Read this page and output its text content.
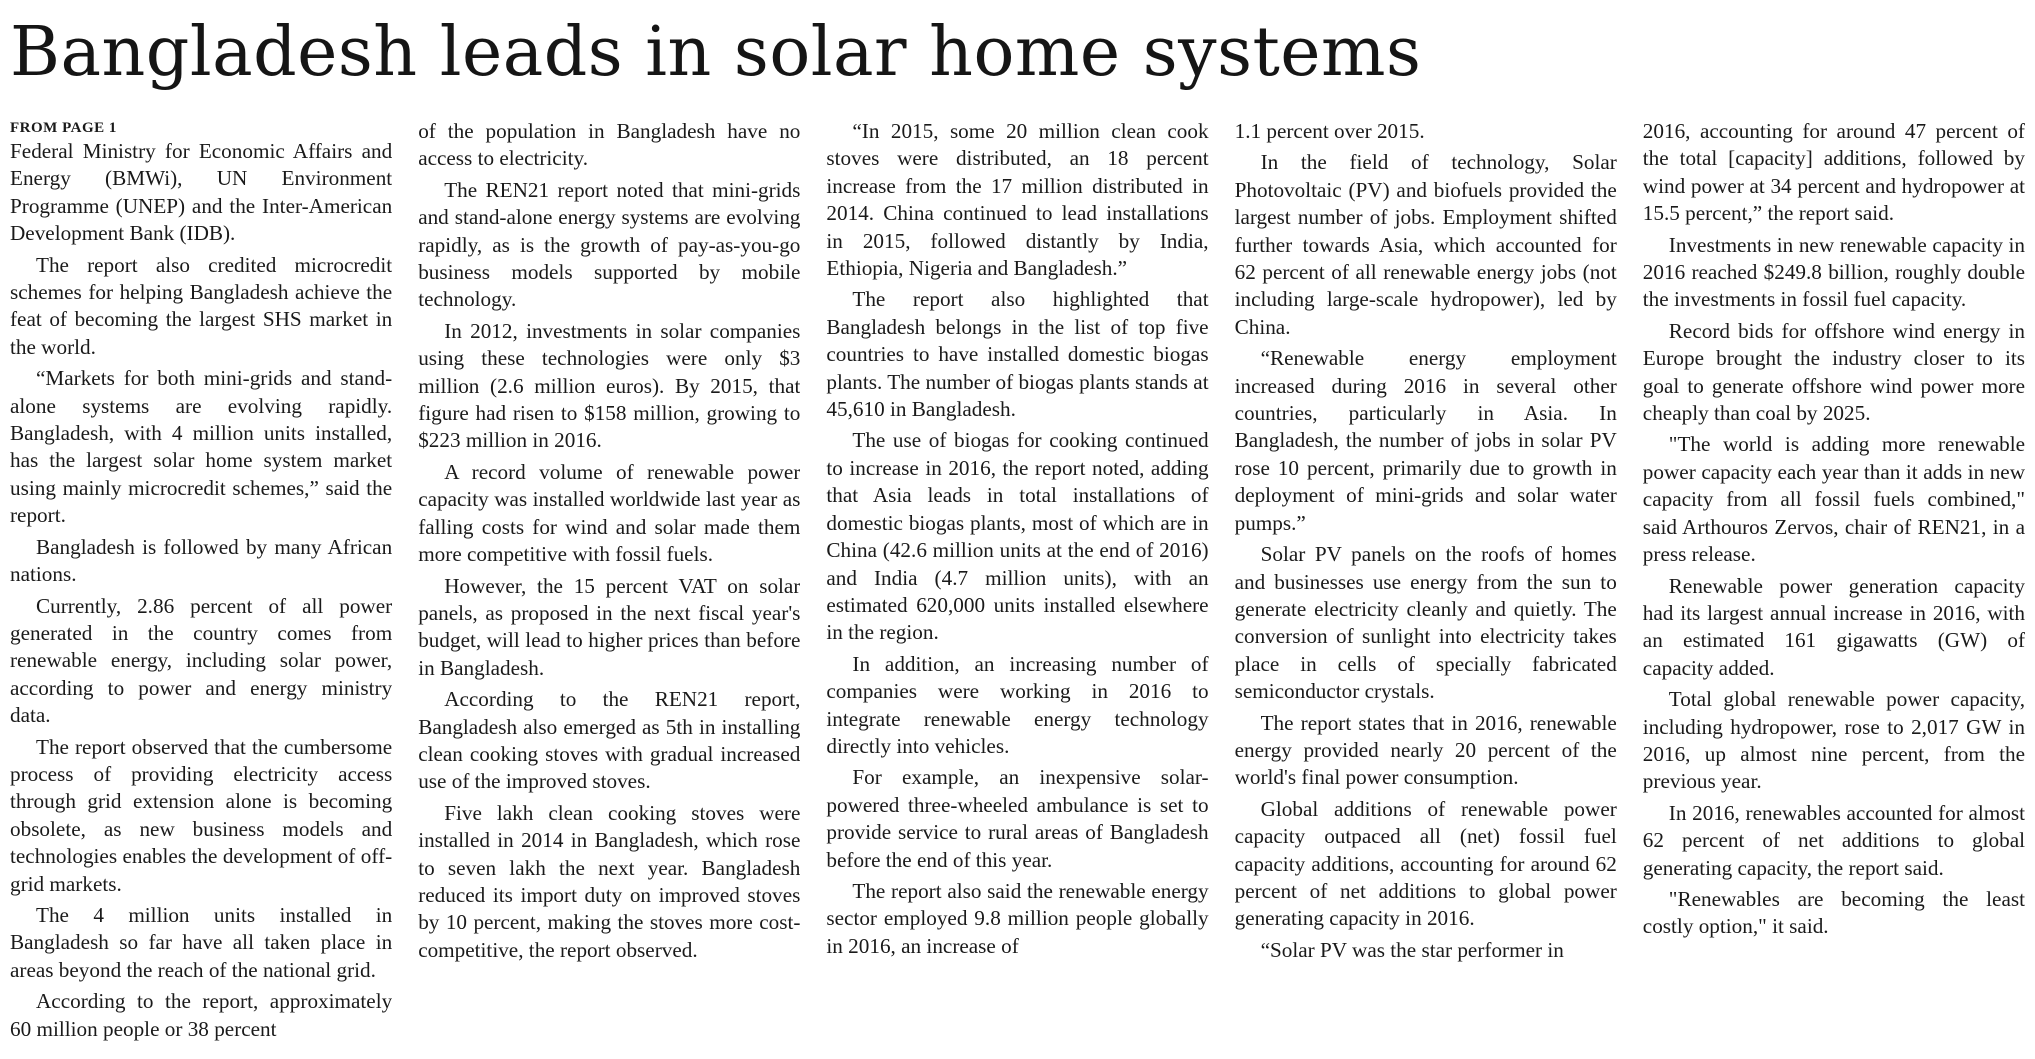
Bangladesh leads in solar home systems
FROM PAGE 1

Federal Ministry for Economic Affairs and Energy (BMWi), UN Environment Programme (UNEP) and the Inter-American Development Bank (IDB).

The report also credited microcredit schemes for helping Bangladesh achieve the feat of becoming the largest SHS market in the world.

“Markets for both mini-grids and stand-alone systems are evolving rapidly. Bangladesh, with 4 million units installed, has the largest solar home system market using mainly microcredit schemes,” said the report.

Bangladesh is followed by many African nations.

Currently, 2.86 percent of all power generated in the country comes from renewable energy, including solar power, according to power and energy ministry data.

The report observed that the cumbersome process of providing electricity access through grid extension alone is becoming obsolete, as new business models and technologies enables the development of off-grid markets.

The 4 million units installed in Bangladesh so far have all taken place in areas beyond the reach of the national grid.

According to the report, approximately 60 million people or 38 percent

of the population in Bangladesh have no access to electricity.

The REN21 report noted that mini-grids and stand-alone energy systems are evolving rapidly, as is the growth of pay-as-you-go business models supported by mobile technology.

In 2012, investments in solar companies using these technologies were only $3 million (2.6 million euros). By 2015, that figure had risen to $158 million, growing to $223 million in 2016.

A record volume of renewable power capacity was installed worldwide last year as falling costs for wind and solar made them more competitive with fossil fuels.

However, the 15 percent VAT on solar panels, as proposed in the next fiscal year's budget, will lead to higher prices than before in Bangladesh.

According to the REN21 report, Bangladesh also emerged as 5th in installing clean cooking stoves with gradual increased use of the improved stoves.

Five lakh clean cooking stoves were installed in 2014 in Bangladesh, which rose to seven lakh the next year. Bangladesh reduced its import duty on improved stoves by 10 percent, making the stoves more cost-competitive, the report observed.

“In 2015, some 20 million clean cook stoves were distributed, an 18 percent increase from the 17 million distributed in 2014. China continued to lead installations in 2015, followed distantly by India, Ethiopia, Nigeria and Bangladesh.”

The report also highlighted that Bangladesh belongs in the list of top five countries to have installed domestic biogas plants. The number of biogas plants stands at 45,610 in Bangladesh.

The use of biogas for cooking continued to increase in 2016, the report noted, adding that Asia leads in total installations of domestic biogas plants, most of which are in China (42.6 million units at the end of 2016) and India (4.7 million units), with an estimated 620,000 units installed elsewhere in the region.

In addition, an increasing number of companies were working in 2016 to integrate renewable energy technology directly into vehicles.

For example, an inexpensive solar-powered three-wheeled ambulance is set to provide service to rural areas of Bangladesh before the end of this year.

The report also said the renewable energy sector employed 9.8 million people globally in 2016, an increase of

1.1 percent over 2015.

In the field of technology, Solar Photovoltaic (PV) and biofuels provided the largest number of jobs. Employment shifted further towards Asia, which accounted for 62 percent of all renewable energy jobs (not including large-scale hydropower), led by China.

“Renewable energy employment increased during 2016 in several other countries, particularly in Asia. In Bangladesh, the number of jobs in solar PV rose 10 percent, primarily due to growth in deployment of mini-grids and solar water pumps.”

Solar PV panels on the roofs of homes and businesses use energy from the sun to generate electricity cleanly and quietly. The conversion of sunlight into electricity takes place in cells of specially fabricated semiconductor crystals.

The report states that in 2016, renewable energy provided nearly 20 percent of the world's final power consumption.

Global additions of renewable power capacity outpaced all (net) fossil fuel capacity additions, accounting for around 62 percent of net additions to global power generating capacity in 2016.

“Solar PV was the star performer in

2016, accounting for around 47 percent of the total [capacity] additions, followed by wind power at 34 percent and hydropower at 15.5 percent,” the report said.

Investments in new renewable capacity in 2016 reached $249.8 billion, roughly double the investments in fossil fuel capacity.

Record bids for offshore wind energy in Europe brought the industry closer to its goal to generate offshore wind power more cheaply than coal by 2025.

"The world is adding more renewable power capacity each year than it adds in new capacity from all fossil fuels combined," said Arthouros Zervos, chair of REN21, in a press release.

Renewable power generation capacity had its largest annual increase in 2016, with an estimated 161 gigawatts (GW) of capacity added.

Total global renewable power capacity, including hydropower, rose to 2,017 GW in 2016, up almost nine percent, from the previous year.

In 2016, renewables accounted for almost 62 percent of net additions to global generating capacity, the report said.

"Renewables are becoming the least costly option," it said.
